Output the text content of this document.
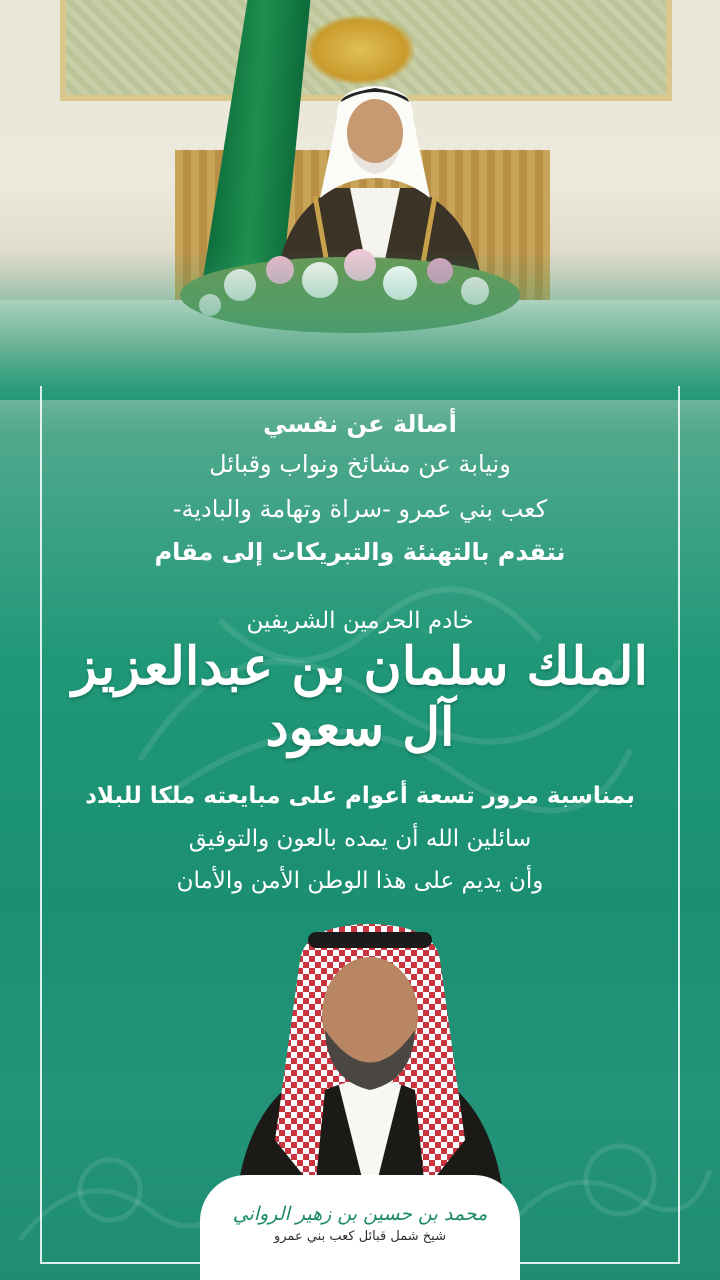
أصالة عن نفسي
ونيابة عن مشائخ ونواب وقبائل
كعب بني عمرو -سراة وتهامة والبادية-
نتقدم بالتهنئة والتبريكات إلى مقام
خادم الحرمين الشريفين
الملك سلمان بن عبدالعزيز آل سعود
بمناسبة مرور تسعة أعوام على مبايعته ملكا للبلاد
سائلين الله أن يمده بالعون والتوفيق
وأن يديم على هذا الوطن الأمن والأمان
محمد بن حسين بن زهير الرواني
شيخ شمل قبائل كعب بني عمرو
